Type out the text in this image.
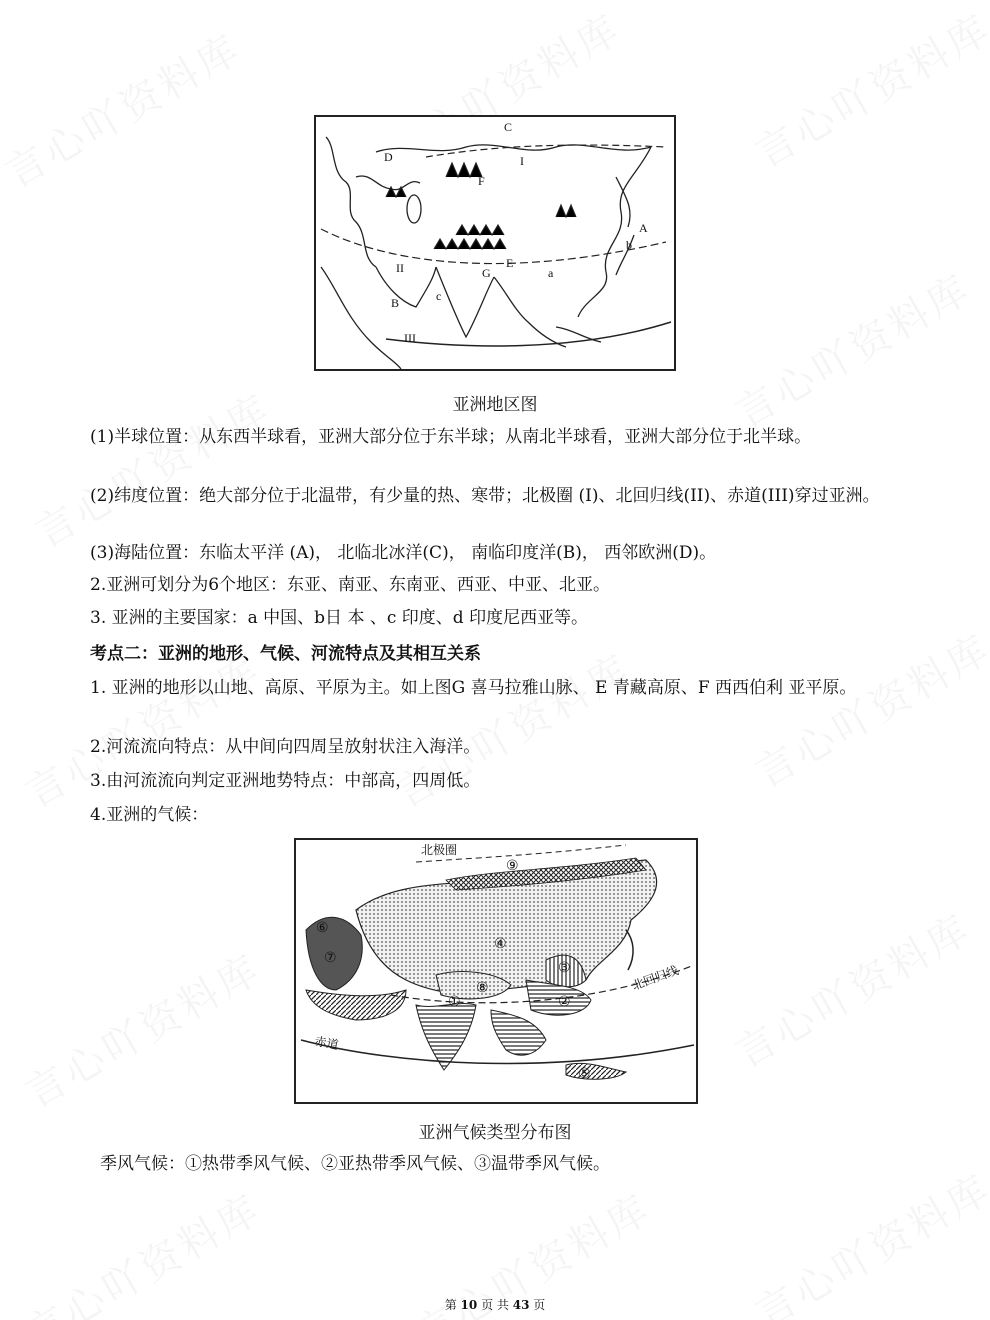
C
D	I
F
A
b
II	E
G	a
B	c
III
亚洲地区图
(1)半球位置：从东西半球看，亚洲大部分位于东半球；从南北半球看，亚洲大部分位于北半球。
(2)纬度位置：绝大部分位于北温带，有少量的热、寒带；北极圈 (I)、北回归线(II)、赤道(III)穿过亚洲。
(3)海陆位置：东临太平洋 (A)， 北临北冰洋(C)， 南临印度洋(B)， 西邻欧洲(D)。
2.亚洲可划分为6个地区：东亚、南亚、东南亚、西亚、中亚、北亚。
3. 亚洲的主要国家：a 中国、b日 本 、c 印度、d 印度尼西亚等。
考点二：亚洲的地形、气候、河流特点及其相互关系
1. 亚洲的地形以山地、高原、平原为主。如上图G 喜马拉雅山脉、 E 青藏高原、F 西西伯利 亚平原。
2.河流流向特点：从中间向四周呈放射状注入海洋。
3.由河流流向判定亚洲地势特点：中部高，四周低。
4.亚洲的气候：
北极圈
北回归线
赤道
①	②
③
④
⑤
⑥
⑦
⑧
⑨
亚洲气候类型分布图
季风气候：①热带季风气候、②亚热带季风气候、③温带季风气候。
第 10 页 共 43 页
